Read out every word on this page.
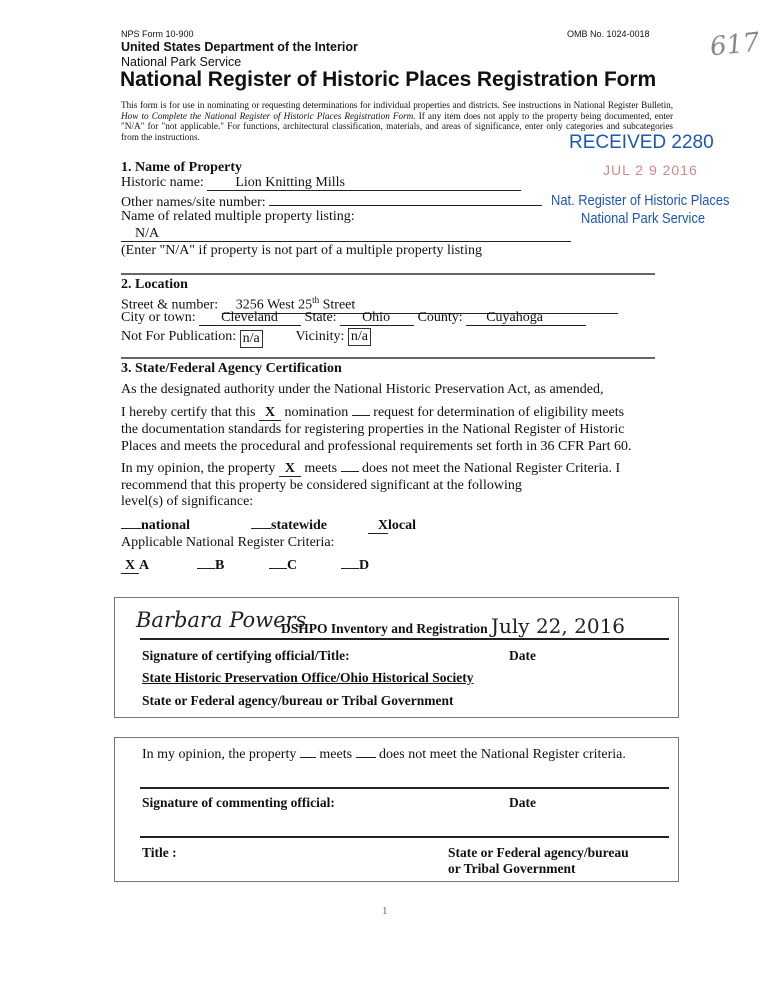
NPS Form 10-900	OMB No. 1024-0018
United States Department of the Interior
National Park Service
National Register of Historic Places Registration Form
617
This form is for use in nominating or requesting determinations for individual properties and districts. See instructions in National Register Bulletin, How to Complete the National Register of Historic Places Registration Form. If any item does not apply to the property being documented, enter "N/A" for "not applicable." For functions, architectural classification, materials, and areas of significance, enter only categories and subcategories from the instructions.	RECEIVED 2280
JUL 2 9 2016
Nat. Register of Historic Places
National Park Service
1. Name of Property
Historic name: Lion Knitting Mills
Other names/site number:
Name of related multiple property listing:
N/A
(Enter "N/A" if property is not part of a multiple property listing
2. Location
Street & number: 3256 West 25th Street
City or town: Cleveland State: Ohio County: Cuyahoga
Not For Publication: n/a	Vicinity: n/a
3. State/Federal Agency Certification
As the designated authority under the National Historic Preservation Act, as amended,
I hereby certify that this X nomination  request for determination of eligibility meets
the documentation standards for registering properties in the National Register of Historic
Places and meets the procedural and professional requirements set forth in 36 CFR Part 60.
In my opinion, the property X meets  does not meet the National Register Criteria. I
recommend that this property be considered significant at the following
level(s) of significance:
national	statewide	Xlocal
Applicable National Register Criteria:
X A	B	C	D
Barbara Powers
DSHPO Inventory and Registration July 22, 2016
Signature of certifying official/Title:	Date
State Historic Preservation Office/Ohio Historical Society
State or Federal agency/bureau or Tribal Government
In my opinion, the property  meets  does not meet the National Register criteria.
Signature of commenting official:	Date
Title :	State or Federal agency/bureau
or Tribal Government
1
